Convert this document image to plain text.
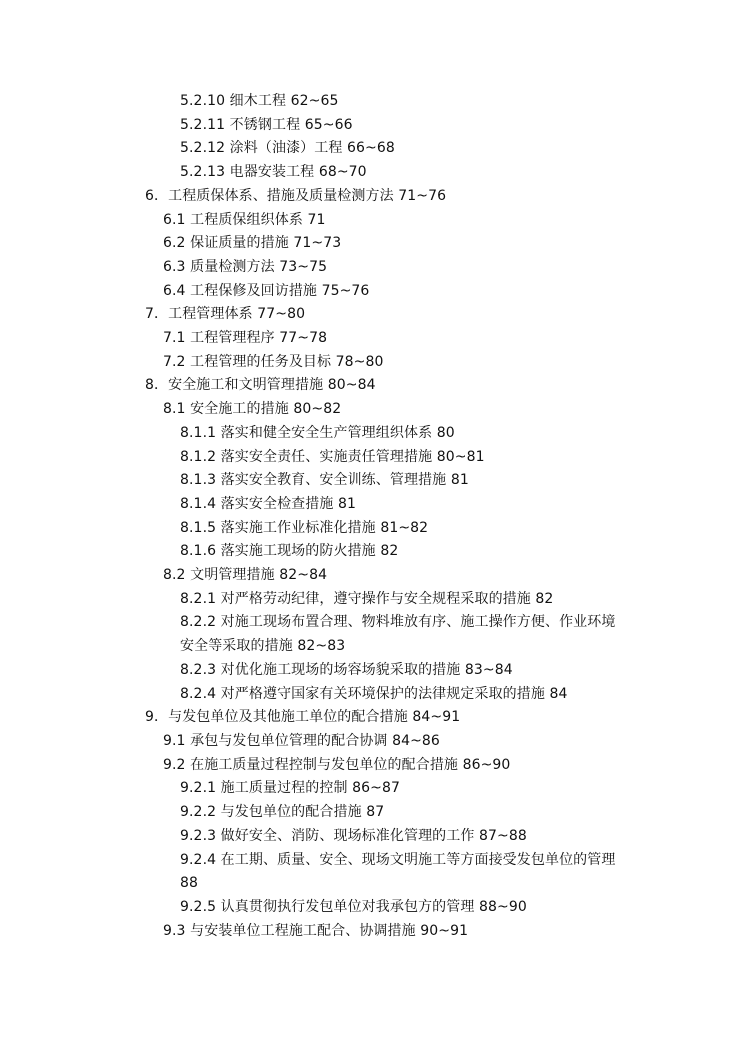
5.2.10 细木工程 62~65
5.2.11 不锈钢工程 65~66
5.2.12 涂料（油漆）工程 66~68
5.2.13 电器安装工程 68~70
6．工程质保体系、措施及质量检测方法 71~76
6.1 工程质保组织体系 71
6.2 保证质量的措施 71~73
6.3 质量检测方法 73~75
6.4 工程保修及回访措施 75~76
7．工程管理体系 77~80
7.1 工程管理程序 77~78
7.2 工程管理的任务及目标 78~80
8．安全施工和文明管理措施 80~84
8.1 安全施工的措施 80~82
8.1.1 落实和健全安全生产管理组织体系 80
8.1.2 落实安全责任、实施责任管理措施 80~81
8.1.3 落实安全教育、安全训练、管理措施 81
8.1.4 落实安全检查措施 81
8.1.5 落实施工作业标准化措施 81~82
8.1.6 落实施工现场的防火措施 82
8.2 文明管理措施 82~84
8.2.1 对严格劳动纪律，遵守操作与安全规程采取的措施 82
8.2.2 对施工现场布置合理、物料堆放有序、施工操作方便、作业环境
安全等采取的措施 82~83
8.2.3 对优化施工现场的场容场貌采取的措施 83~84
8.2.4 对严格遵守国家有关环境保护的法律规定采取的措施 84
9．与发包单位及其他施工单位的配合措施 84~91
9.1 承包与发包单位管理的配合协调 84~86
9.2 在施工质量过程控制与发包单位的配合措施 86~90
9.2.1 施工质量过程的控制 86~87
9.2.2 与发包单位的配合措施 87
9.2.3 做好安全、消防、现场标准化管理的工作 87~88
9.2.4 在工期、质量、安全、现场文明施工等方面接受发包单位的管理
88
9.2.5 认真贯彻执行发包单位对我承包方的管理 88~90
9.3 与安装单位工程施工配合、协调措施 90~91
